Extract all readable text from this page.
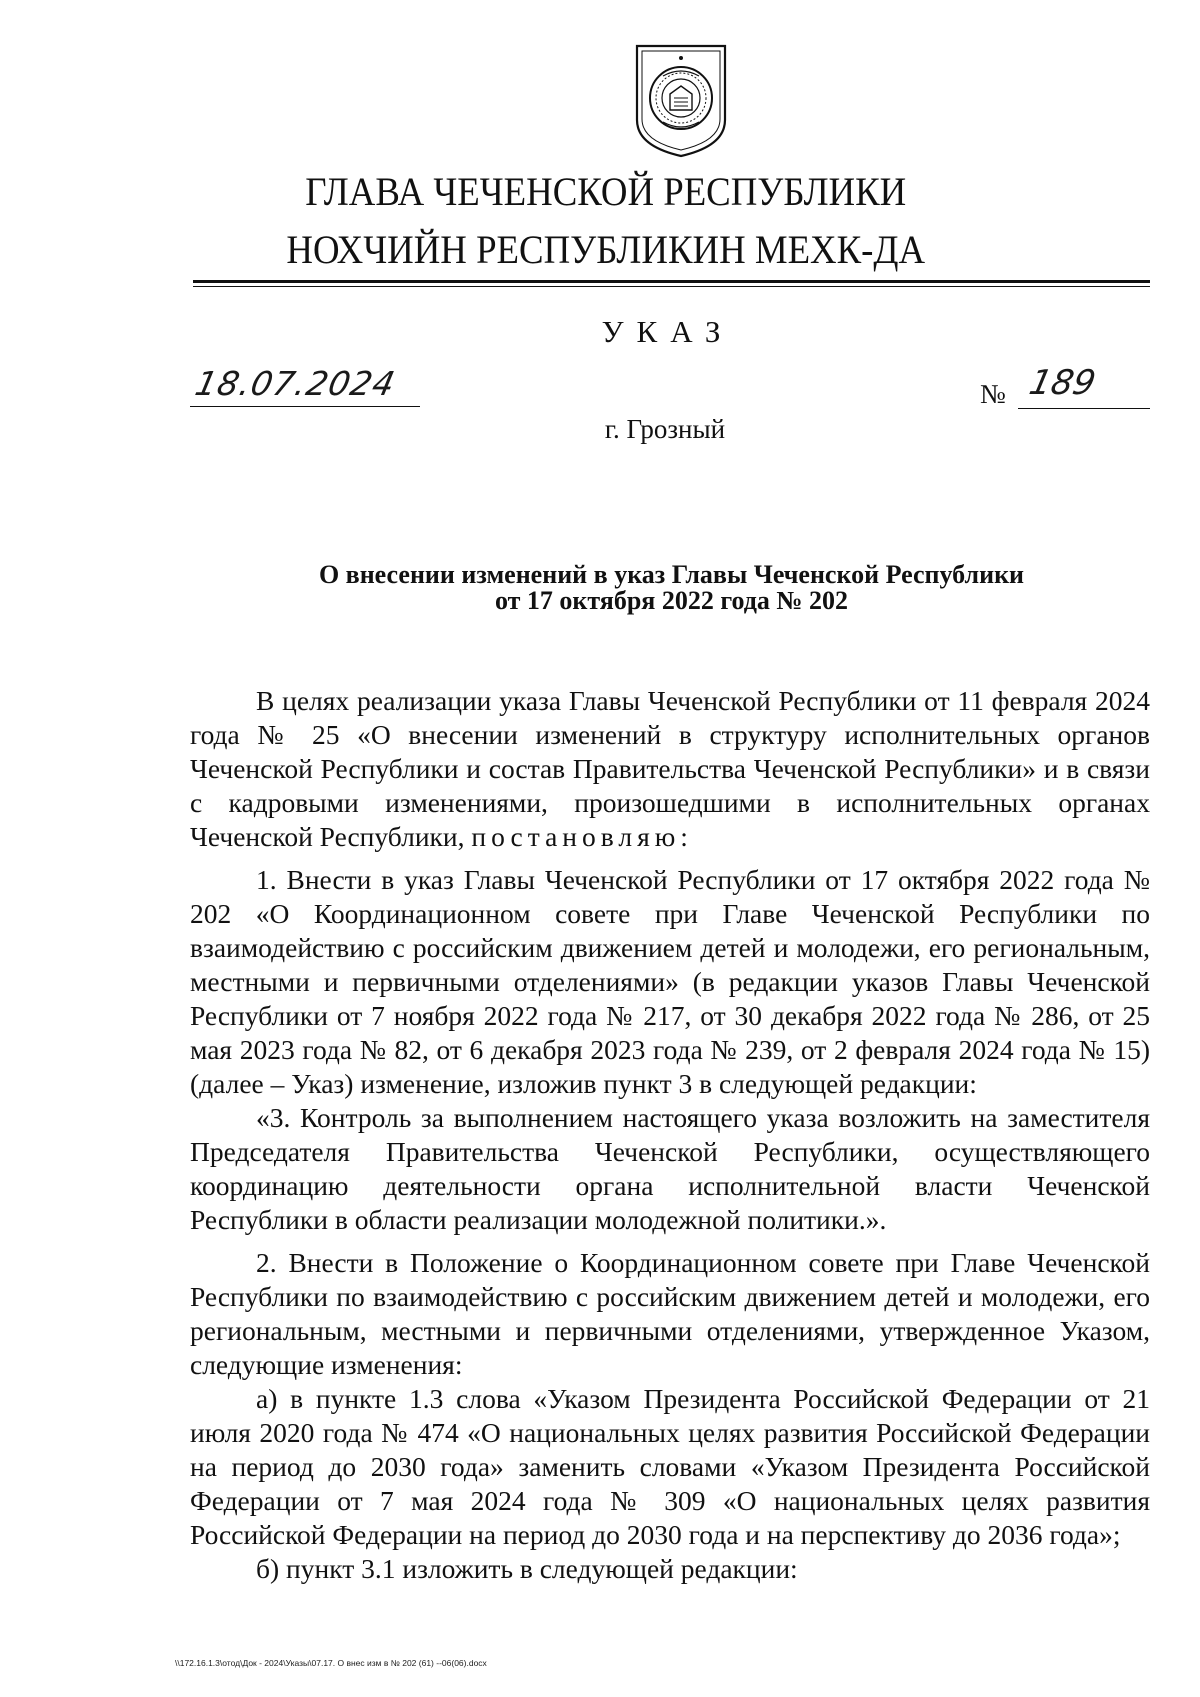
ГЛАВА ЧЕЧЕНСКОЙ РЕСПУБЛИКИ
НОХЧИЙН РЕСПУБЛИКИН МЕХК-ДА
УКАЗ
18.07.2024	№ 189
г. Грозный
О внесении изменений в указ Главы Чеченской Республики
от 17 октября 2022 года № 202

В целях реализации указа Главы Чеченской Республики от 11 февраля 2024 года № 25 «О внесении изменений в структуру исполнительных органов Чеченской Республики и состав Правительства Чеченской Республики» и в связи с кадровыми изменениями, произошедшими в исполнительных органах Чеченской Республики, постановляю:

1. Внести в указ Главы Чеченской Республики от 17 октября 2022 года № 202 «О Координационном совете при Главе Чеченской Республики по взаимодействию с российским движением детей и молодежи, его региональным, местными и первичными отделениями» (в редакции указов Главы Чеченской Республики от 7 ноября 2022 года № 217, от 30 декабря 2022 года № 286, от 25 мая 2023 года № 82, от 6 декабря 2023 года № 239, от 2 февраля 2024 года № 15) (далее – Указ) изменение, изложив пункт 3 в следующей редакции:

«3. Контроль за выполнением настоящего указа возложить на заместителя Председателя Правительства Чеченской Республики, осуществляющего координацию деятельности органа исполнительной власти Чеченской Республики в области реализации молодежной политики.».

2. Внести в Положение о Координационном совете при Главе Чеченской Республики по взаимодействию с российским движением детей и молодежи, его региональным, местными и первичными отделениями, утвержденное Указом, следующие изменения:

а) в пункте 1.3 слова «Указом Президента Российской Федерации от 21 июля 2020 года № 474 «О национальных целях развития Российской Федерации на период до 2030 года» заменить словами «Указом Президента Российской Федерации от 7 мая 2024 года № 309 «О национальных целях развития Российской Федерации на период до 2030 года и на перспективу до 2036 года»;

б) пункт 3.1 изложить в следующей редакции:

\\172.16.1.3\отод\Док - 2024\Указы\07.17. О внес изм в № 202 (61) --06(06).docx
